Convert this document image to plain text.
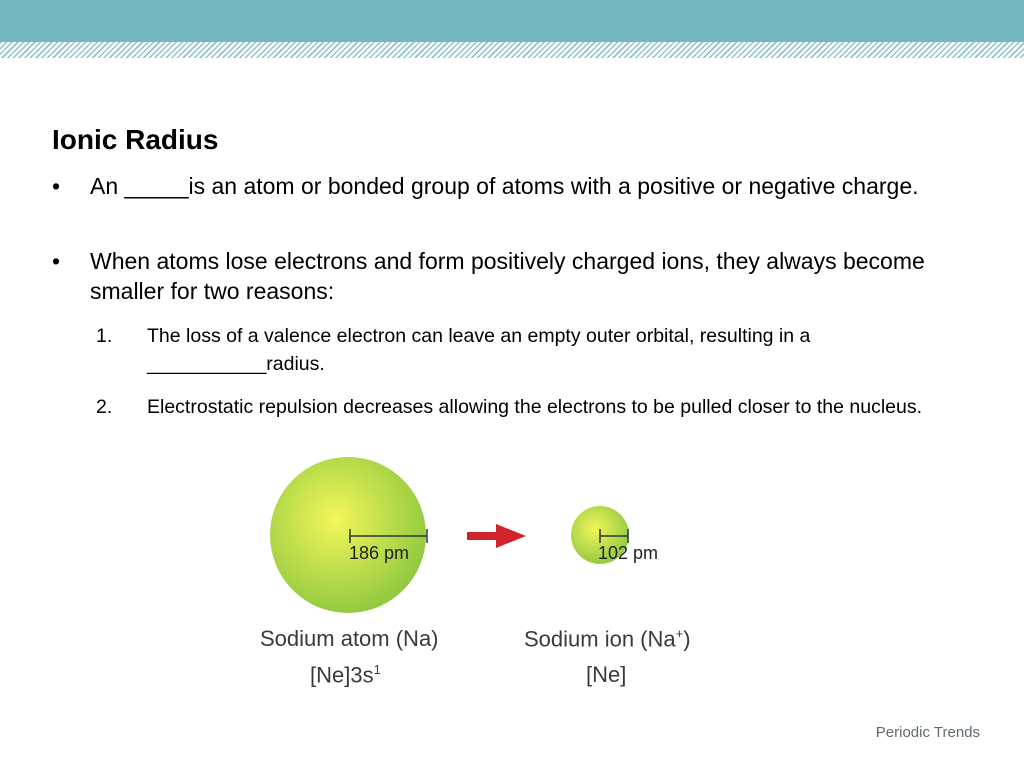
Ionic Radius
•	An _____is an atom or bonded group of atoms with a positive or negative charge.
•	When atoms lose electrons and form positively charged ions, they always become smaller for two reasons:
1. The loss of a valence electron can leave an empty outer orbital, resulting in a ___________radius.
2. Electrostatic repulsion decreases allowing the electrons to be pulled closer to the nucleus.
186 pm	102 pm
Sodium atom (Na)
$[Ne]3s^1$
Sodium ion (Na+)
[Ne]
Periodic Trends
